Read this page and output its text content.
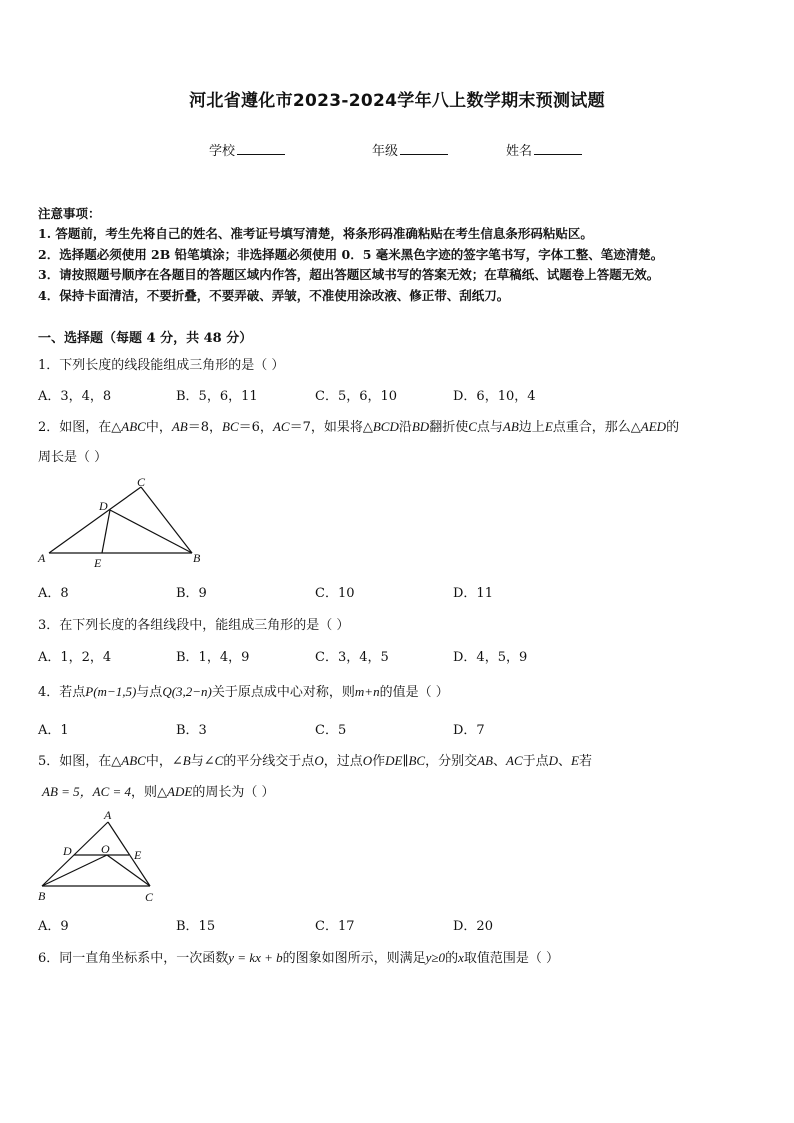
河北省遵化市2023-2024学年八上数学期末预测试题
学校	年级	姓名
注意事项：
1. 答题前，考生先将自己的姓名、准考证号填写清楚，将条形码准确粘贴在考生信息条形码粘贴区。
2．选择题必须使用 2B 铅笔填涂；非选择题必须使用 0．5 毫米黑色字迹的签字笔书写，字体工整、笔迹清楚。
3．请按照题号顺序在各题目的答题区域内作答，超出答题区域书写的答案无效；在草稿纸、试题卷上答题无效。
4．保持卡面清洁，不要折叠，不要弄破、弄皱，不准使用涂改液、修正带、刮纸刀。
一、选择题（每题 4 分，共 48 分）
1．下列长度的线段能组成三角形的是（ ）
A．3，4，8	B．5，6，11	C．5，6，10	D．6，10，4
2．如图，在△ABC中，AB＝8，BC＝6，AC＝7，如果将△BCD沿BD翻折使C点与AB边上E点重合，那么△AED的
周长是（ ）
C
D
A	E	B
A．8	B．9	C．10	D．11
3．在下列长度的各组线段中，能组成三角形的是（ ）
A．1，2，4	B．1，4，9	C．3，4，5	D．4，5，9
4．若点P(m−1,5)与点Q(3,2−n)关于原点成中心对称，则m+n的值是（ ）
A．1	B．3	C．5	D．7
5．如图，在△ABC中，∠B与∠C的平分线交于点O，过点O作DE∥BC，分别交AB、AC于点D、E若
AB = 5，AC = 4，则△ADE的周长为（ ）
A
D O E
B	C
A．9	B．15	C．17	D．20
6．同一直角坐标系中，一次函数y = kx + b的图象如图所示，则满足y≥0的x取值范围是（ ）
